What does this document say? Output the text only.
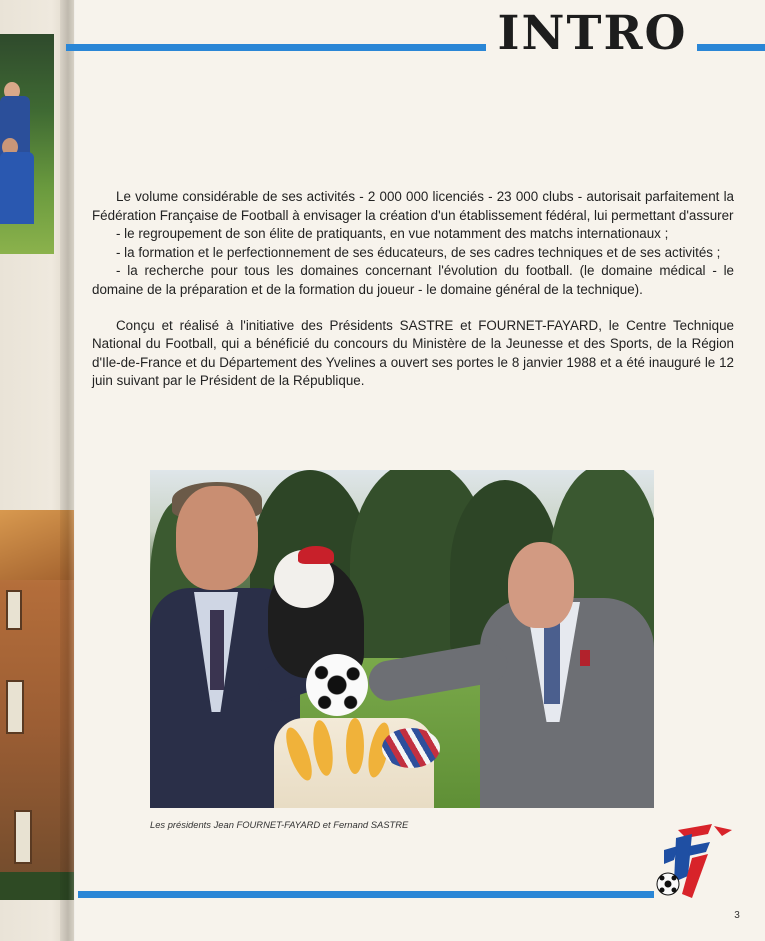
INTRO

Le volume considérable de ses activités - 2 000 000 licenciés - 23 000 clubs - autorisait parfaitement la Fédération Française de Football à envisager la création d'un établissement fédéral, lui permettant d'assurer

- le regroupement de son élite de pratiquants, en vue notamment des matchs internationaux ;

- la formation et le perfectionnement de ses éducateurs, de ses cadres techniques et de ses activités ;

- la recherche pour tous les domaines concernant l'évolution du football. (le domaine médical - le domaine de la préparation et de la formation du joueur - le domaine général de la technique).

Conçu et réalisé à l'initiative des Présidents SASTRE et FOURNET-FAYARD, le Centre Technique National du Football, qui a bénéficié du concours du Ministère de la Jeunesse et des Sports, de la Région d'Ile-de-France et du Département des Yvelines a ouvert ses portes le 8 janvier 1988 et a été inauguré le 12 juin suivant par le Président de la République.

Les présidents Jean FOURNET-FAYARD et Fernand SASTRE
3
